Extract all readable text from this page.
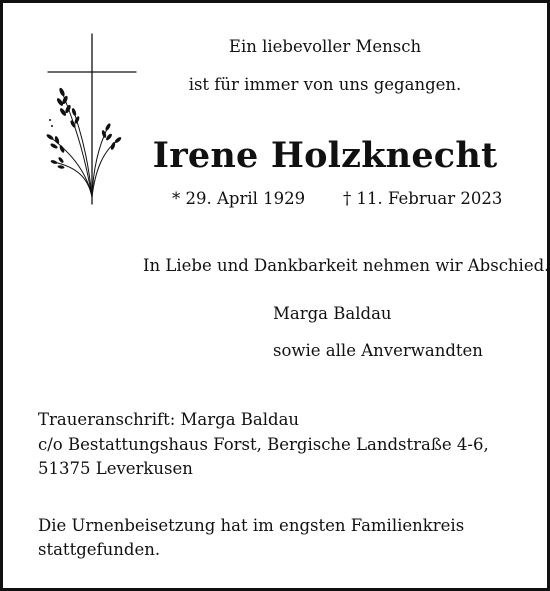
Ein liebevoller Mensch
ist für immer von uns gegangen.
Irene Holzknecht
* 29. April 1929 † 11. Februar 2023
In Liebe und Dankbarkeit nehmen wir Abschied.
Marga Baldau
sowie alle Anverwandten
Traueranschrift: Marga Baldau
c/o Bestattungshaus Forst, Bergische Landstraße 4-6,
51375 Leverkusen
Die Urnenbeisetzung hat im engsten Familienkreis
stattgefunden.
